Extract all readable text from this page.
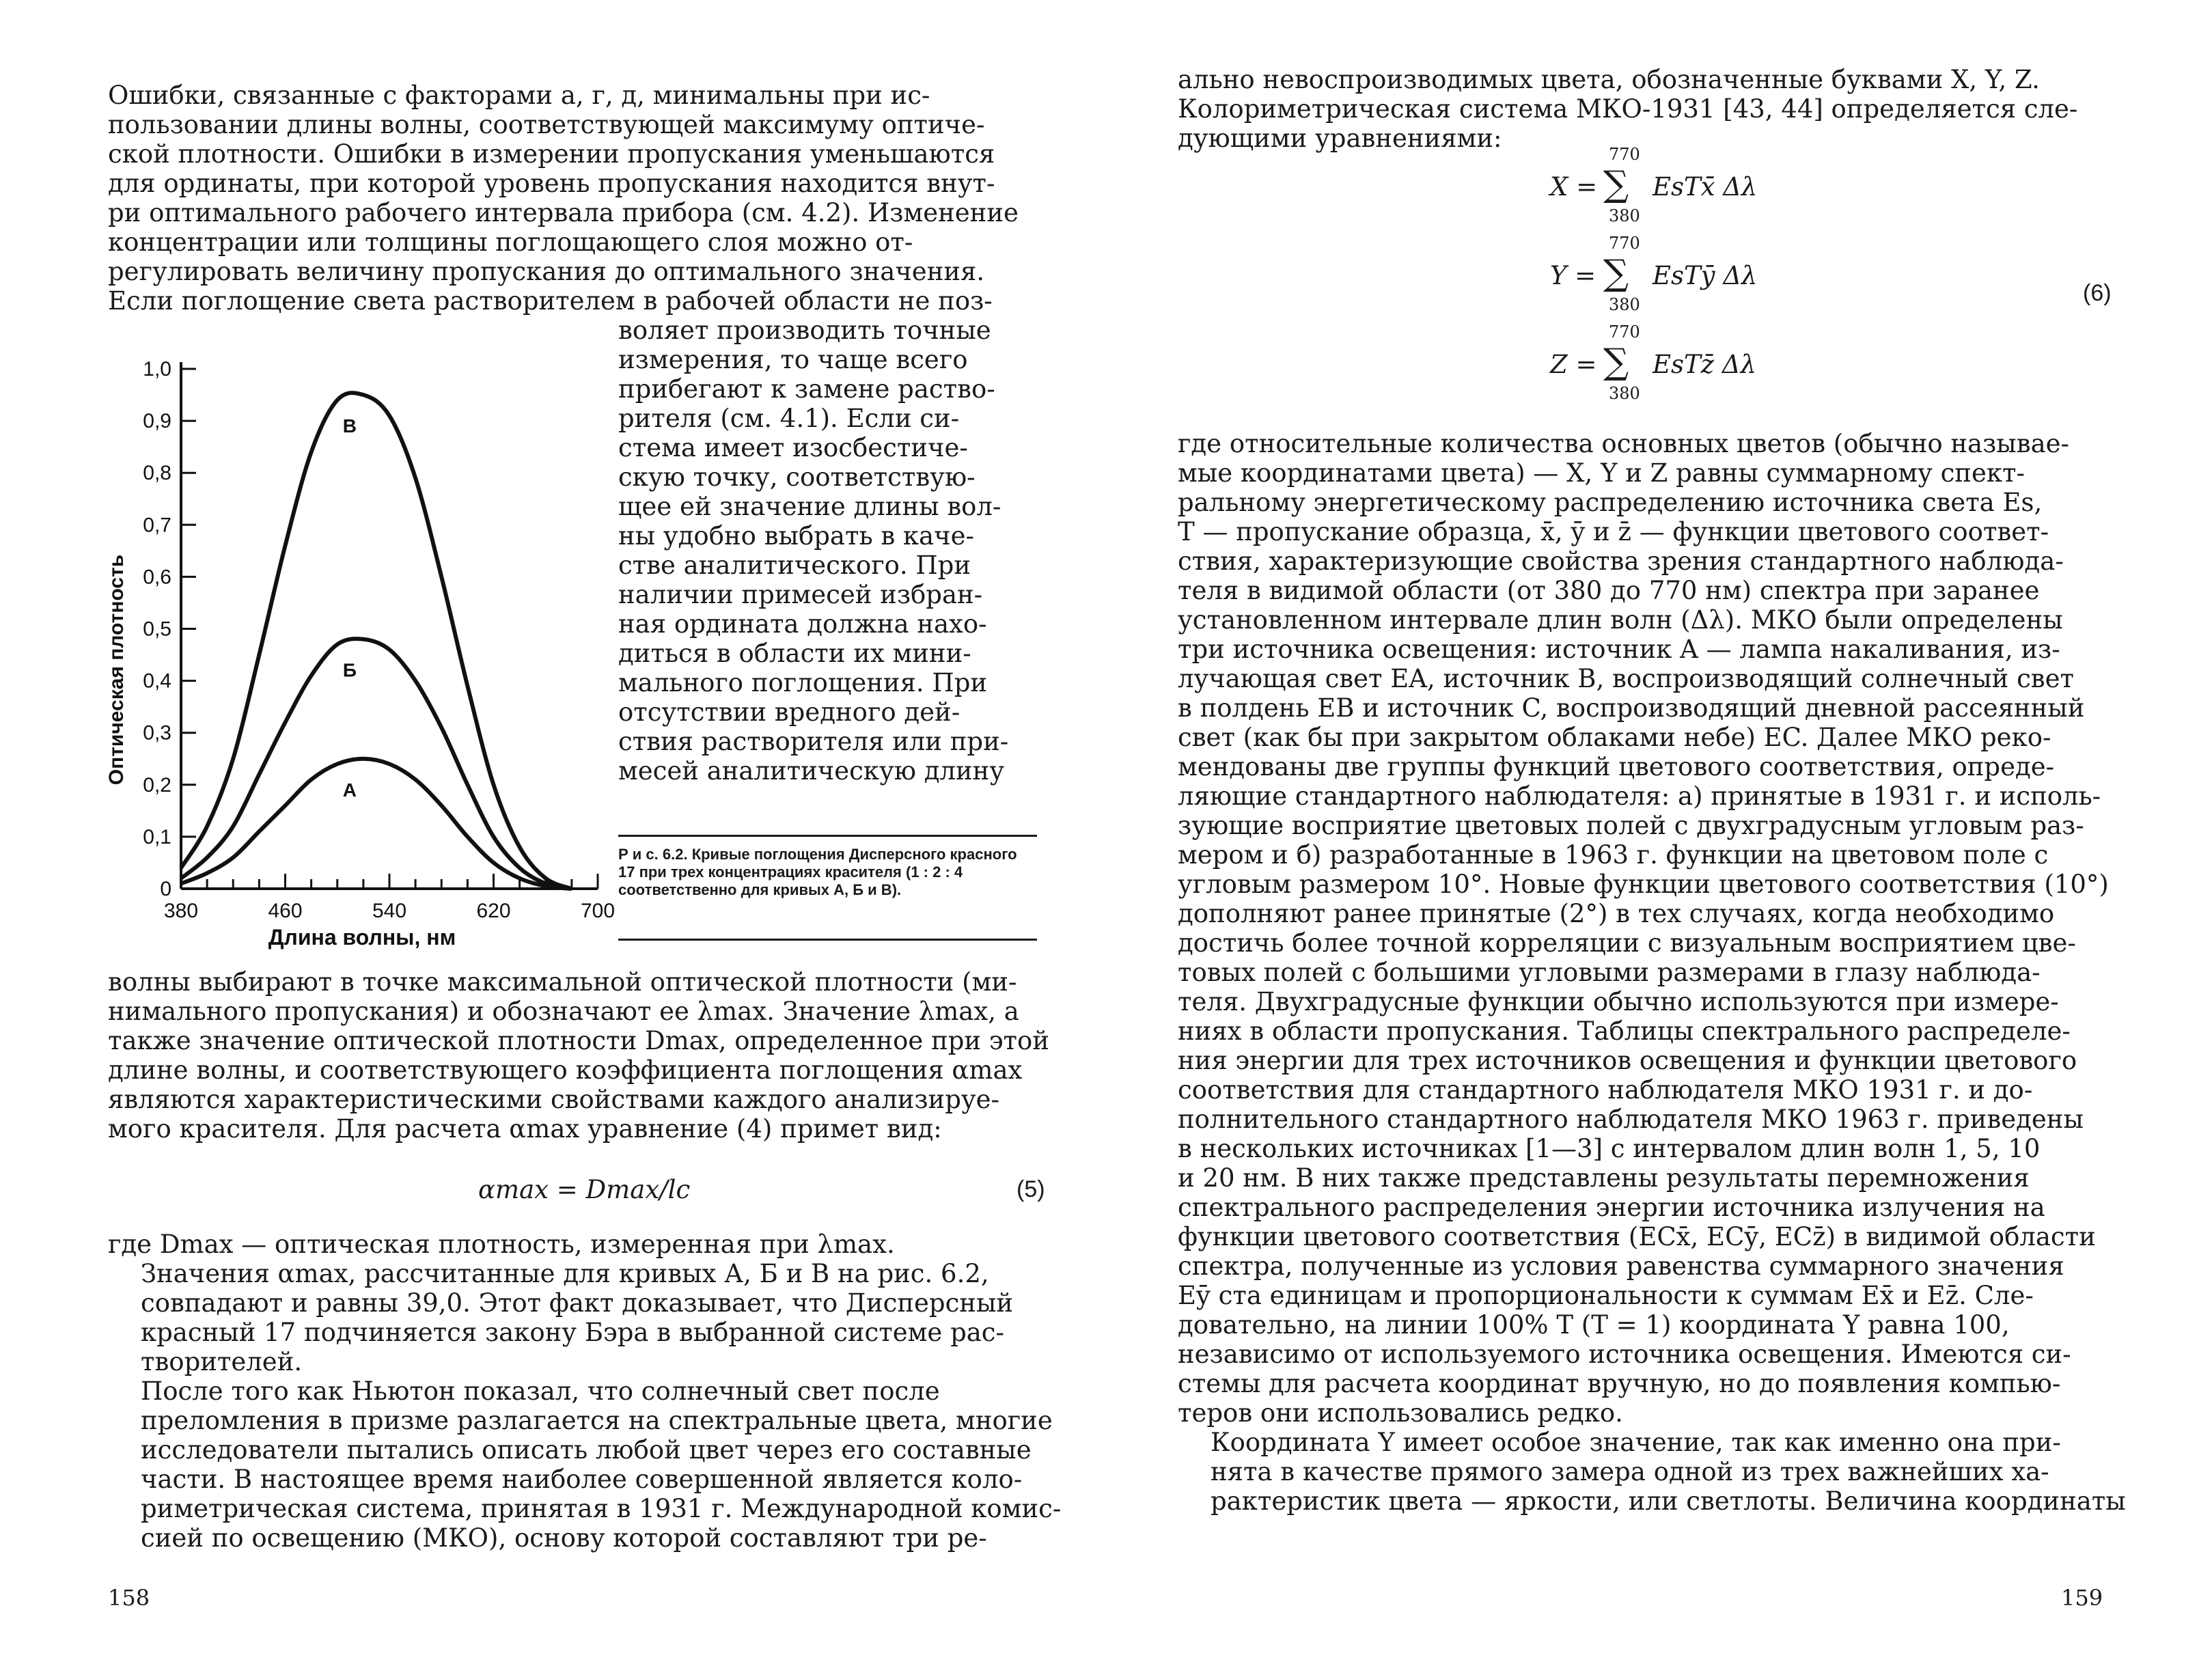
Ошибки, связанные с факторами а, г, д, минимальны при ис-
пользовании длины волны, соответствующей максимуму оптиче-
ской плотности. Ошибки в измерении пропускания уменьшаются
для ординаты, при которой уровень пропускания находится внут-
ри оптимального рабочего интервала прибора (см. 4.2). Изменение
концентрации или толщины поглощающего слоя можно от-
регулировать величину пропускания до оптимального значения.
Если поглощение света растворителем в рабочей области не поз-
воляет производить точные
измерения, то чаще всего
прибегают к замене раство-
рителя (см. 4.1). Если си-
стема имеет изосбестиче-
скую точку, соответствую-
щее ей значение длины вол-
ны удобно выбрать в каче-
стве аналитического. При
наличии примесей избран-
ная ордината должна нахо-
диться в области их мини-
мального поглощения. При
отсутствии вредного дей-
ствия растворителя или при-
месей аналитическую длину
0
0,1
0,2
0,3
0,4
0,5
0,6
0,7
0,8
0,9
1,0
380	460	540	620	700
Длина волны, нм
Оптическая плотность
А
Б
В
Р и с. 6.2. Кривые поглощения Дисперсного красного 17 при трех концентрациях красителя (1 : 2 : 4 соответственно для кривых А, Б и В).
волны выбирают в точке максимальной оптической плотности (ми-
нимального пропускания) и обозначают ее λmax. Значение λmax, а
также значение оптической плотности Dmax, определенное при этой
длине волны, и соответствующего коэффициента поглощения αmax
являются характеристическими свойствами каждого анализируе-
мого красителя. Для расчета αmax уравнение (4) примет вид:
αmax = Dmax/lc	(5)

где Dmax — оптическая плотность, измеренная при λmax.

Значения αmax, рассчитанные для кривых А, Б и В на рис. 6.2,
совпадают и равны 39,0. Этот факт доказывает, что Дисперсный
красный 17 подчиняется закону Бэра в выбранной системе рас-
творителей.

После того как Ньютон показал, что солнечный свет после
преломления в призме разлагается на спектральные цвета, многие
исследователи пытались описать любой цвет через его составные
части. В настоящее время наиболее совершенной является коло-
риметрическая система, принятая в 1931 г. Международной комис-
сией по освещению (МКО), основу которой составляют три ре-

158
ально невоспроизводимых цвета, обозначенные буквами X, Y, Z.
Колориметрическая система МКО-1931 [43, 44] определяется сле-
дующими уравнениями:
X =
770
∑
380
EsTx̄ Δλ
Y =
770
∑
380
EsTȳ Δλ
Z =
770
∑
380
EsTz̄ Δλ
(6)

где относительные количества основных цветов (обычно называе-
мые координатами цвета) — X, Y и Z равны суммарному спект-
ральному энергетическому распределению источника света Es,
T — пропускание образца, x̄, ȳ и z̄ — функции цветового соответ-
ствия, характеризующие свойства зрения стандартного наблюда-
теля в видимой области (от 380 до 770 нм) спектра при заранее
установленном интервале длин волн (Δλ). МКО были определены
три источника освещения: источник A — лампа накаливания, из-
лучающая свет EA, источник B, воспроизводящий солнечный свет
в полдень EB и источник C, воспроизводящий дневной рассеянный
свет (как бы при закрытом облаками небе) EC. Далее МКО реко-
мендованы две группы функций цветового соответствия, опреде-
ляющие стандартного наблюдателя: а) принятые в 1931 г. и исполь-
зующие восприятие цветовых полей с двухградусным угловым раз-
мером и б) разработанные в 1963 г. функции на цветовом поле с
угловым размером 10°. Новые функции цветового соответствия (10°)
дополняют ранее принятые (2°) в тех случаях, когда необходимо
достичь более точной корреляции с визуальным восприятием цве-
товых полей с большими угловыми размерами в глазу наблюда-
теля. Двухградусные функции обычно используются при измере-
ниях в области пропускания. Таблицы спектрального распределе-
ния энергии для трех источников освещения и функции цветового
соответствия для стандартного наблюдателя МКО 1931 г. и до-
полнительного стандартного наблюдателя МКО 1963 г. приведены
в нескольких источниках [1—3] с интервалом длин волн 1, 5, 10
и 20 нм. В них также представлены результаты перемножения
спектрального распределения энергии источника излучения на
функции цветового соответствия (ECx̄, ECȳ, ECz̄) в видимой области
спектра, полученные из условия равенства суммарного значения
Eȳ ста единицам и пропорциональности к суммам Ex̄ и Ez̄. Сле-
довательно, на линии 100% T (T = 1) координата Y равна 100,
независимо от используемого источника освещения. Имеются си-
стемы для расчета координат вручную, но до появления компью-
теров они использовались редко.

Координата Y имеет особое значение, так как именно она при-
нята в качестве прямого замера одной из трех важнейших ха-
рактеристик цвета — яркости, или светлоты. Величина координаты

159
